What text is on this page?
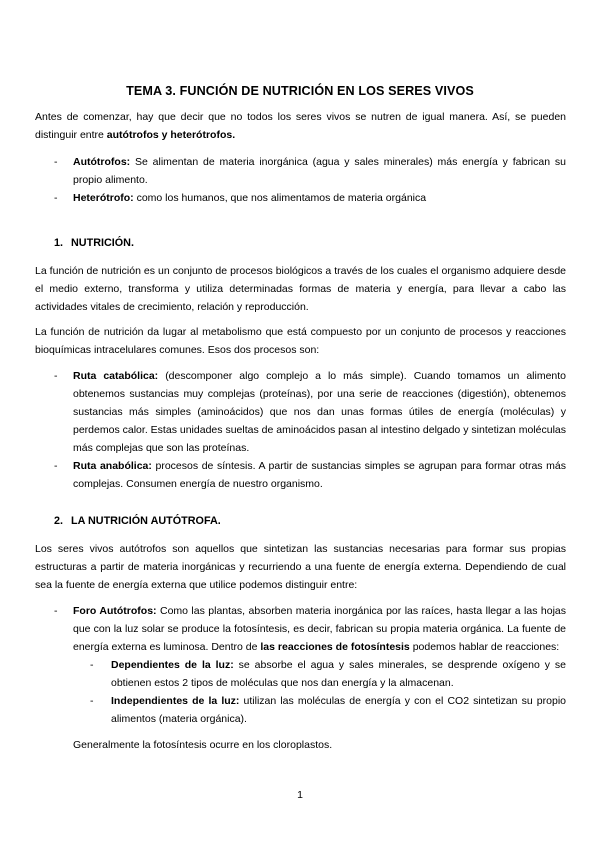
TEMA 3. FUNCIÓN DE NUTRICIÓN EN LOS SERES VIVOS

Antes de comenzar, hay que decir que no todos los seres vivos se nutren de igual manera. Así, se pueden distinguir entre autótrofos y heterótrofos.

- Autótrofos: Se alimentan de materia inorgánica (agua y sales minerales) más energía y fabrican su propio alimento.
- Heterótrofo: como los humanos, que nos alimentamos de materia orgánica
1. NUTRICIÓN.

La función de nutrición es un conjunto de procesos biológicos a través de los cuales el organismo adquiere desde el medio externo, transforma y utiliza determinadas formas de materia y energía, para llevar a cabo las actividades vitales de crecimiento, relación y reproducción.

La función de nutrición da lugar al metabolismo que está compuesto por un conjunto de procesos y reacciones bioquímicas intracelulares comunes. Esos dos procesos son:

- Ruta catabólica: (descomponer algo complejo a lo más simple). Cuando tomamos un alimento obtenemos sustancias muy complejas (proteínas), por una serie de reacciones (digestión), obtenemos sustancias más simples (aminoácidos) que nos dan unas formas útiles de energía (moléculas) y perdemos calor. Estas unidades sueltas de aminoácidos pasan al intestino delgado y sintetizan moléculas más complejas que son las proteínas.
- Ruta anabólica: procesos de síntesis. A partir de sustancias simples se agrupan para formar otras más complejas. Consumen energía de nuestro organismo.
2. LA NUTRICIÓN AUTÓTROFA.

Los seres vivos autótrofos son aquellos que sintetizan las sustancias necesarias para formar sus propias estructuras a partir de materia inorgánicas y recurriendo a una fuente de energía externa. Dependiendo de cual sea la fuente de energía externa que utilice podemos distinguir entre:

- Foro Autótrofos: Como las plantas, absorben materia inorgánica por las raíces, hasta llegar a las hojas que con la luz solar se produce la fotosíntesis, es decir, fabrican su propia materia orgánica. La fuente de energía externa es luminosa. Dentro de las reacciones de fotosíntesis podemos hablar de reacciones:
- Dependientes de la luz: se absorbe el agua y sales minerales, se desprende oxígeno y se obtienen estos 2 tipos de moléculas que nos dan energía y la almacenan.
- Independientes de la luz: utilizan las moléculas de energía y con el CO2 sintetizan su propio alimentos (materia orgánica).

Generalmente la fotosíntesis ocurre en los cloroplastos.

1
